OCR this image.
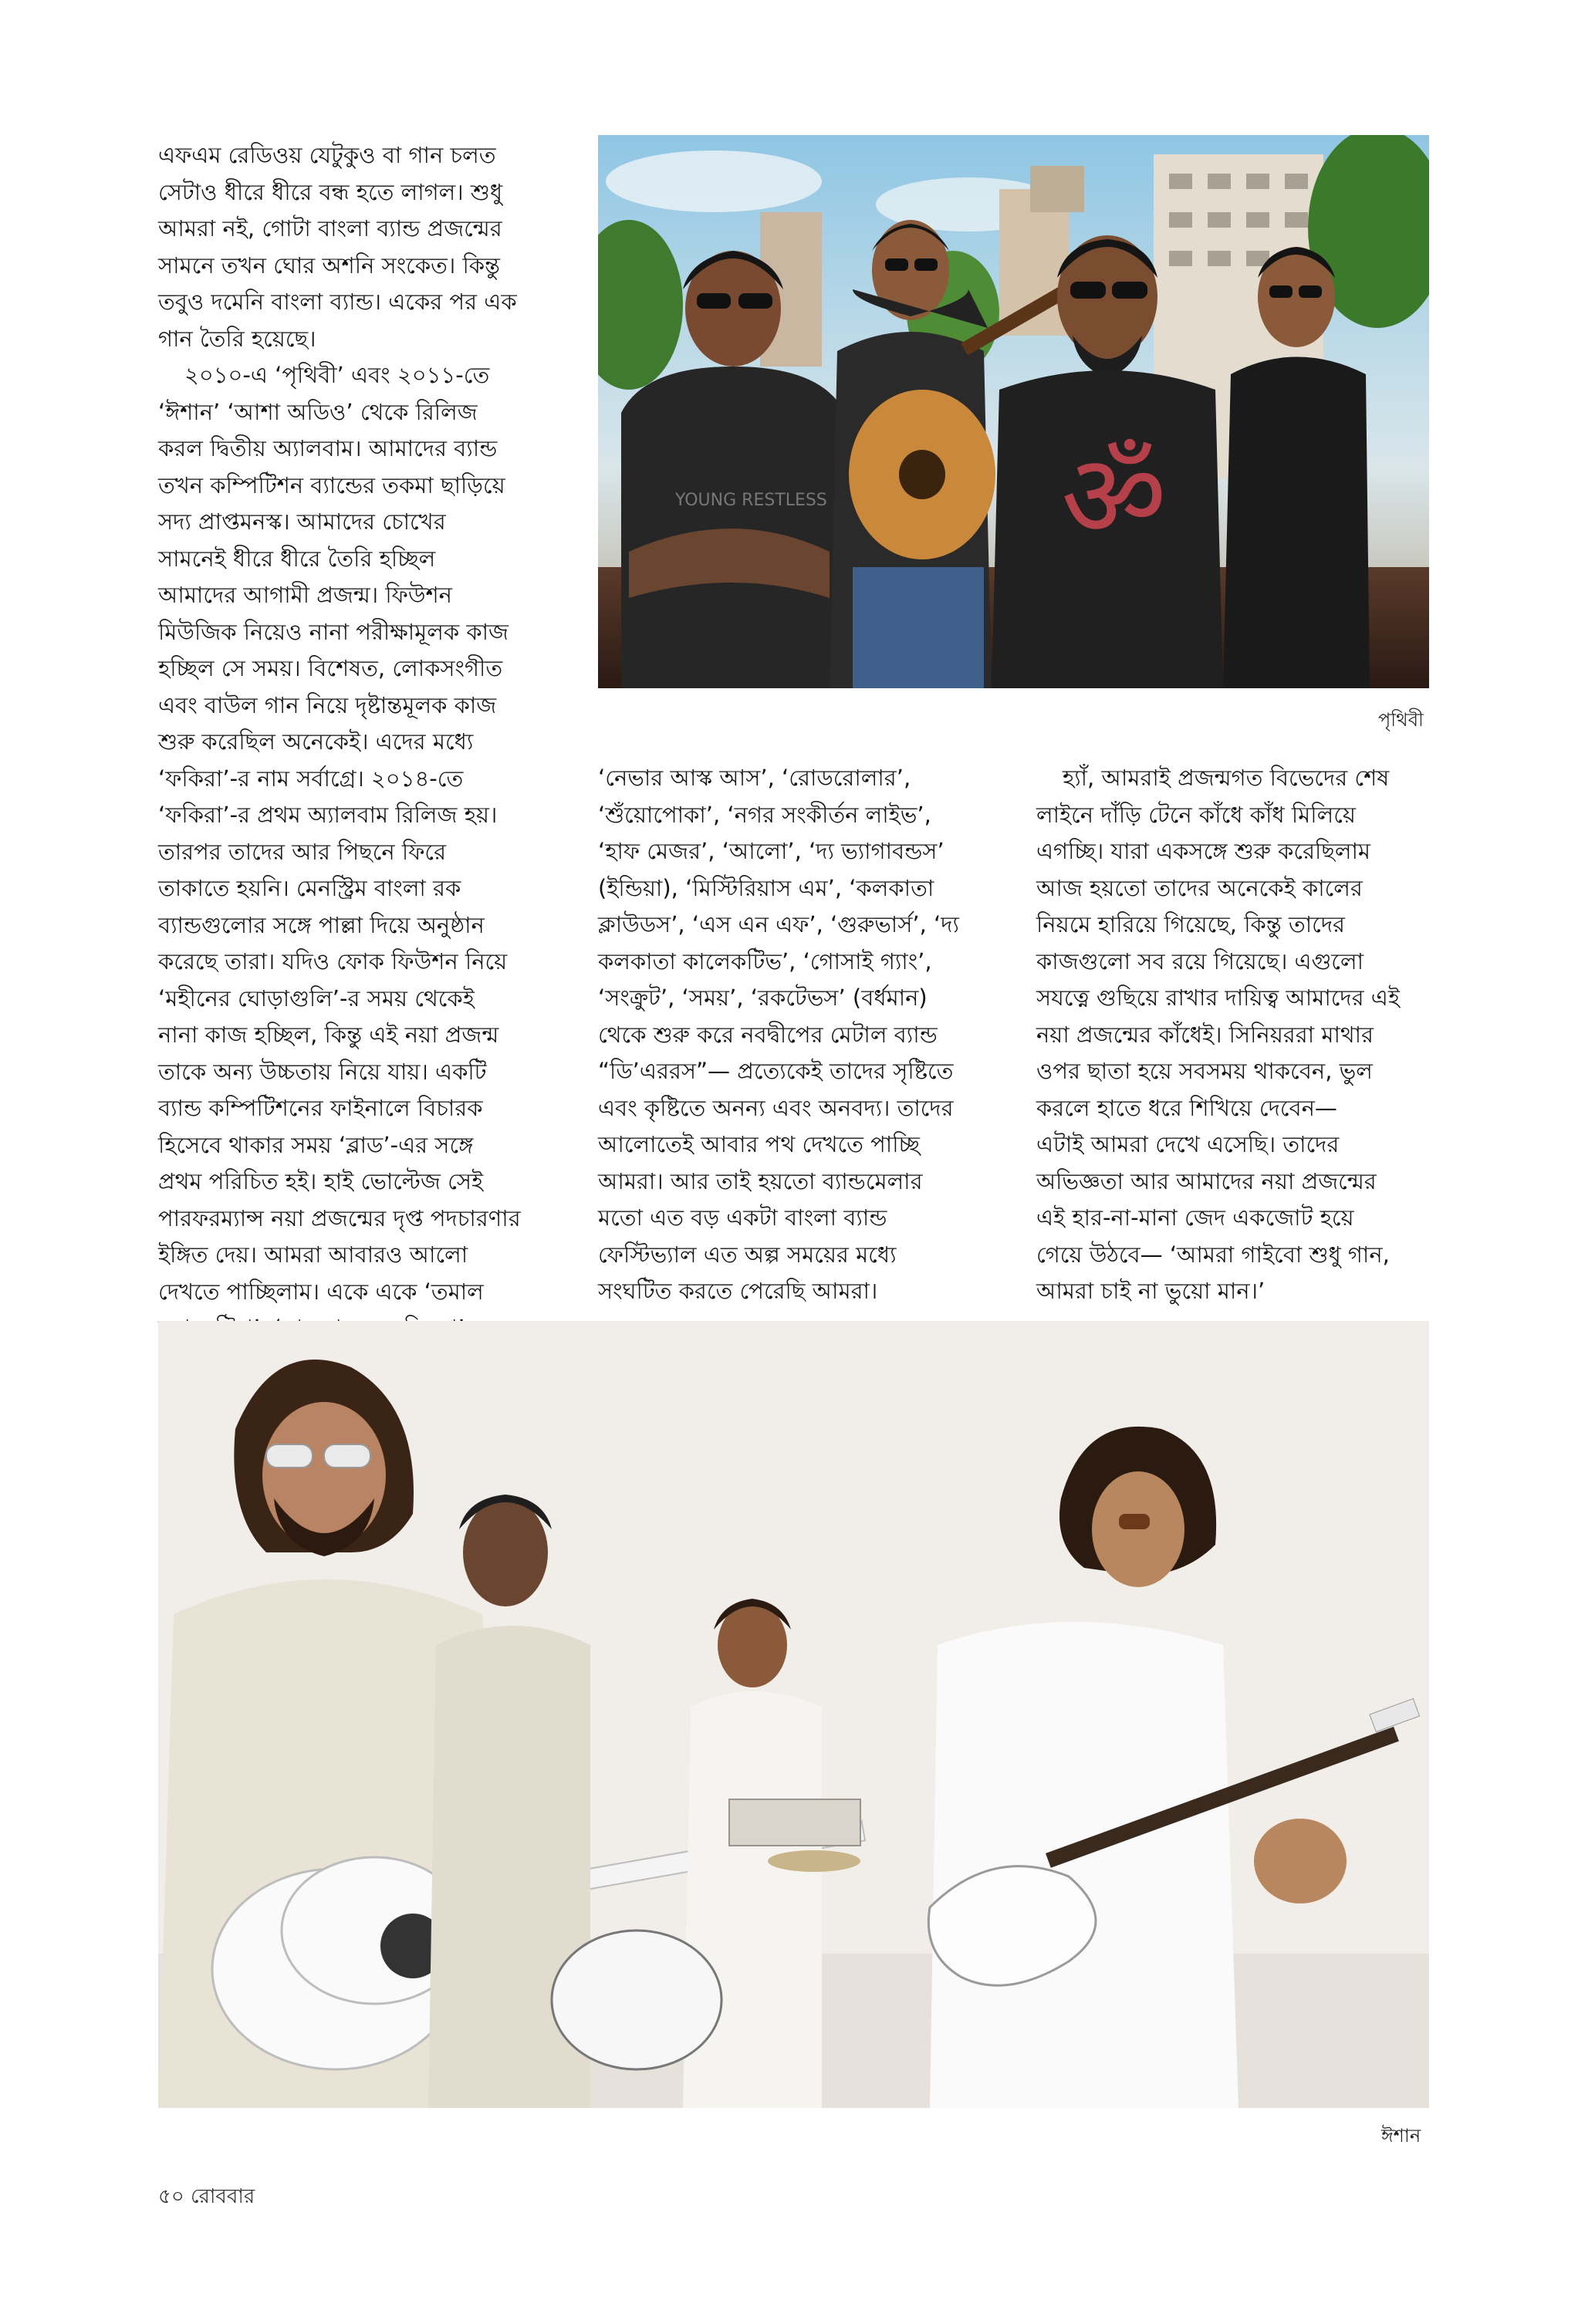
এফএম রেডিওয় যেটুকুও বা গান চলত

সেটাও ধীরে ধীরে বন্ধ হতে লাগল। শুধু

আমরা নই, গোটা বাংলা ব্যান্ড প্রজন্মের

সামনে তখন ঘোর অশনি সংকেত। কিন্তু

তবুও দমেনি বাংলা ব্যান্ড। একের পর এক

গান তৈরি হয়েছে।

২০১০-এ ‘পৃথিবী’ এবং ২০১১-তে

‘ঈশান’ ‘আশা অডিও’ থেকে রিলিজ

করল দ্বিতীয় অ্যালবাম। আমাদের ব্যান্ড

তখন কম্পিটিশন ব্যান্ডের তকমা ছাড়িয়ে

সদ্য প্রাপ্তমনস্ক। আমাদের চোখের

সামনেই ধীরে ধীরে তৈরি হচ্ছিল

আমাদের আগামী প্রজন্ম। ফিউশন

মিউজিক নিয়েও নানা পরীক্ষামূলক কাজ

হচ্ছিল সে সময়। বিশেষত, লোকসংগীত

এবং বাউল গান নিয়ে দৃষ্টান্তমূলক কাজ

শুরু করেছিল অনেকেই। এদের মধ্যে

‘ফকিরা’-র নাম সর্বাগ্রে। ২০১৪-তে

‘ফকিরা’-র প্রথম অ্যালবাম রিলিজ হয়।

তারপর তাদের আর পিছনে ফিরে

তাকাতে হয়নি। মেনস্ট্রিম বাংলা রক

ব্যান্ডগুলোর সঙ্গে পাল্লা দিয়ে অনুষ্ঠান

করেছে তারা। যদিও ফোক ফিউশন নিয়ে

‘মহীনের ঘোড়াগুলি’-র সময় থেকেই

নানা কাজ হচ্ছিল, কিন্তু এই নয়া প্রজন্ম

তাকে অন্য উচ্চতায় নিয়ে যায়। একটি

ব্যান্ড কম্পিটিশনের ফাইনালে বিচারক

হিসেবে থাকার সময় ‘ব্লাড’-এর সঙ্গে

প্রথম পরিচিত হই। হাই ভোল্টেজ সেই

পারফরম্যান্স নয়া প্রজন্মের দৃপ্ত পদচারণার

ইঙ্গিত দেয়। আমরা আবারও আলো

দেখতে পাচ্ছিলাম। একে একে ‘তমাল

‘নেভার আস্ক আস’, ‘রোডরোলার’,

‘শুঁয়োপোকা’, ‘নগর সংকীর্তন লাইভ’,

‘হাফ মেজর’, ‘আলো’, ‘দ্য ভ্যাগাবন্ডস’

(ইন্ডিয়া), ‘মিস্টিরিয়াস এম’, ‘কলকাতা

ক্লাউডস’, ‘এস এন এফ’, ‘গুরুভার্স’, ‘দ্য

কলকাতা কালেকটিভ’, ‘গোসাই গ্যাং’,

‘সংক্রুট’, ‘সময়’, ‘রকটেভস’ (বর্ধমান)

থেকে শুরু করে নবদ্বীপের মেটাল ব্যান্ড

“ডি’এররস”— প্রত্যেকেই তাদের সৃষ্টিতে

এবং কৃষ্টিতে অনন্য এবং অনবদ্য। তাদের

আলোতেই আবার পথ দেখতে পাচ্ছি

আমরা। আর তাই হয়তো ব্যান্ডমেলার

মতো এত বড় একটা বাংলা ব্যান্ড

ফেস্টিভ্যাল এত অল্প সময়ের মধ্যে

সংঘটিত করতে পেরেছি আমরা।

হ্যাঁ, আমরাই প্রজন্মগত বিভেদের শেষ

লাইনে দাঁড়ি টেনে কাঁধে কাঁধ মিলিয়ে

এগচ্ছি। যারা একসঙ্গে শুরু করেছিলাম

আজ হয়তো তাদের অনেকেই কালের

নিয়মে হারিয়ে গিয়েছে, কিন্তু তাদের

কাজগুলো সব রয়ে গিয়েছে। এগুলো

সযত্নে গুছিয়ে রাখার দায়িত্ব আমাদের এই

নয়া প্রজন্মের কাঁধেই। সিনিয়ররা মাথার

ওপর ছাতা হয়ে সবসময় থাকবেন, ভুল

করলে হাতে ধরে শিখিয়ে দেবেন—

এটাই আমরা দেখে এসেছি। তাদের

অভিজ্ঞতা আর আমাদের নয়া প্রজন্মের

এই হার-না-মানা জেদ একজোট হয়ে

গেয়ে উঠবে— ‘আমরা গাইবো শুধু গান,

আমরা চাই না ভুয়ো মান।’

YOUNG RESTLESS ॐ
পৃথিবী
ঈশান
৫০ রোববার
